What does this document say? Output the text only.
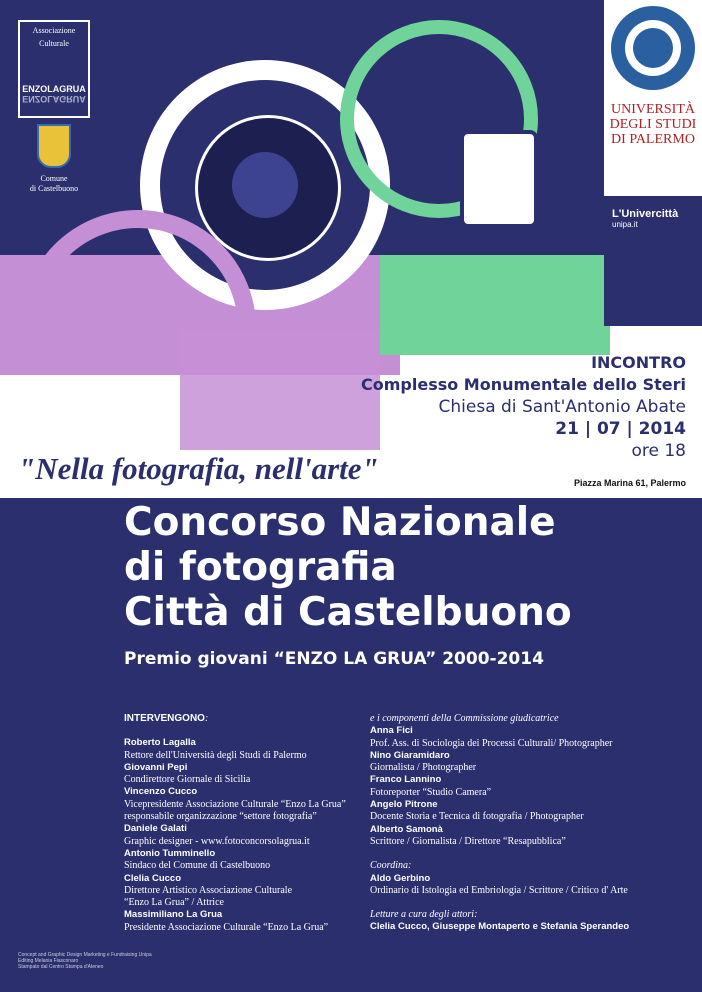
Associazione
Culturale
ENZOLAGRUA
ENZOLAGRUA
Comune
di Castelbuono
UNIVERSITÀ
DEGLI STUDI
DI PALERMO
L'Univercittà
unipa.it
INCONTRO
Complesso Monumentale dello Steri
Chiesa di Sant'Antonio Abate
21 | 07 | 2014
ore 18
"Nella fotografia, nell'arte"	Piazza Marina 61, Palermo
Concorso Nazionale
di fotografia
Città di Castelbuono
Premio giovani “ENZO LA GRUA” 2000-2014
INTERVENGONO:
Roberto Lagalla
Rettore dell'Università degli Studi di Palermo
Giovanni Pepi
Condirettore Giornale di Sicilia
Vincenzo Cucco
Vicepresidente Associazione Culturale “Enzo La Grua”
responsabile organizzazione “settore fotografia”
Daniele Galati
Graphic designer - www.fotoconcorsolagrua.it
Antonio Tumminello
Sindaco del Comune di Castelbuono
Clelia Cucco
Direttore Artistico Associazione Culturale
“Enzo La Grua” / Attrice
Massimiliano La Grua
Presidente Associazione Culturale “Enzo La Grua”
e i componenti della Commissione giudicatrice
Anna Fici
Prof. Ass. di Sociologia dei Processi Culturali/ Photographer
Nino Giaramidaro
Giornalista / Photographer
Franco Lannino
Fotoreporter “Studio Camera”
Angelo Pitrone
Docente Storia e Tecnica di fotografia / Photographer
Alberto Samonà
Scrittore / Giornalista / Direttore “Resapubblica”
Coordina:
Aldo Gerbino
Ordinario di Istologia ed Embriologia / Scrittore / Critico d' Arte
Letture a cura degli attori:
Clelia Cucco, Giuseppe Montaperto e Stefania Sperandeo
Concept and Graphic Design Marketing e Fundraising Unipa
Editing Melania Fiasconaro
Stampato dal Centro Stampa d'Ateneo
